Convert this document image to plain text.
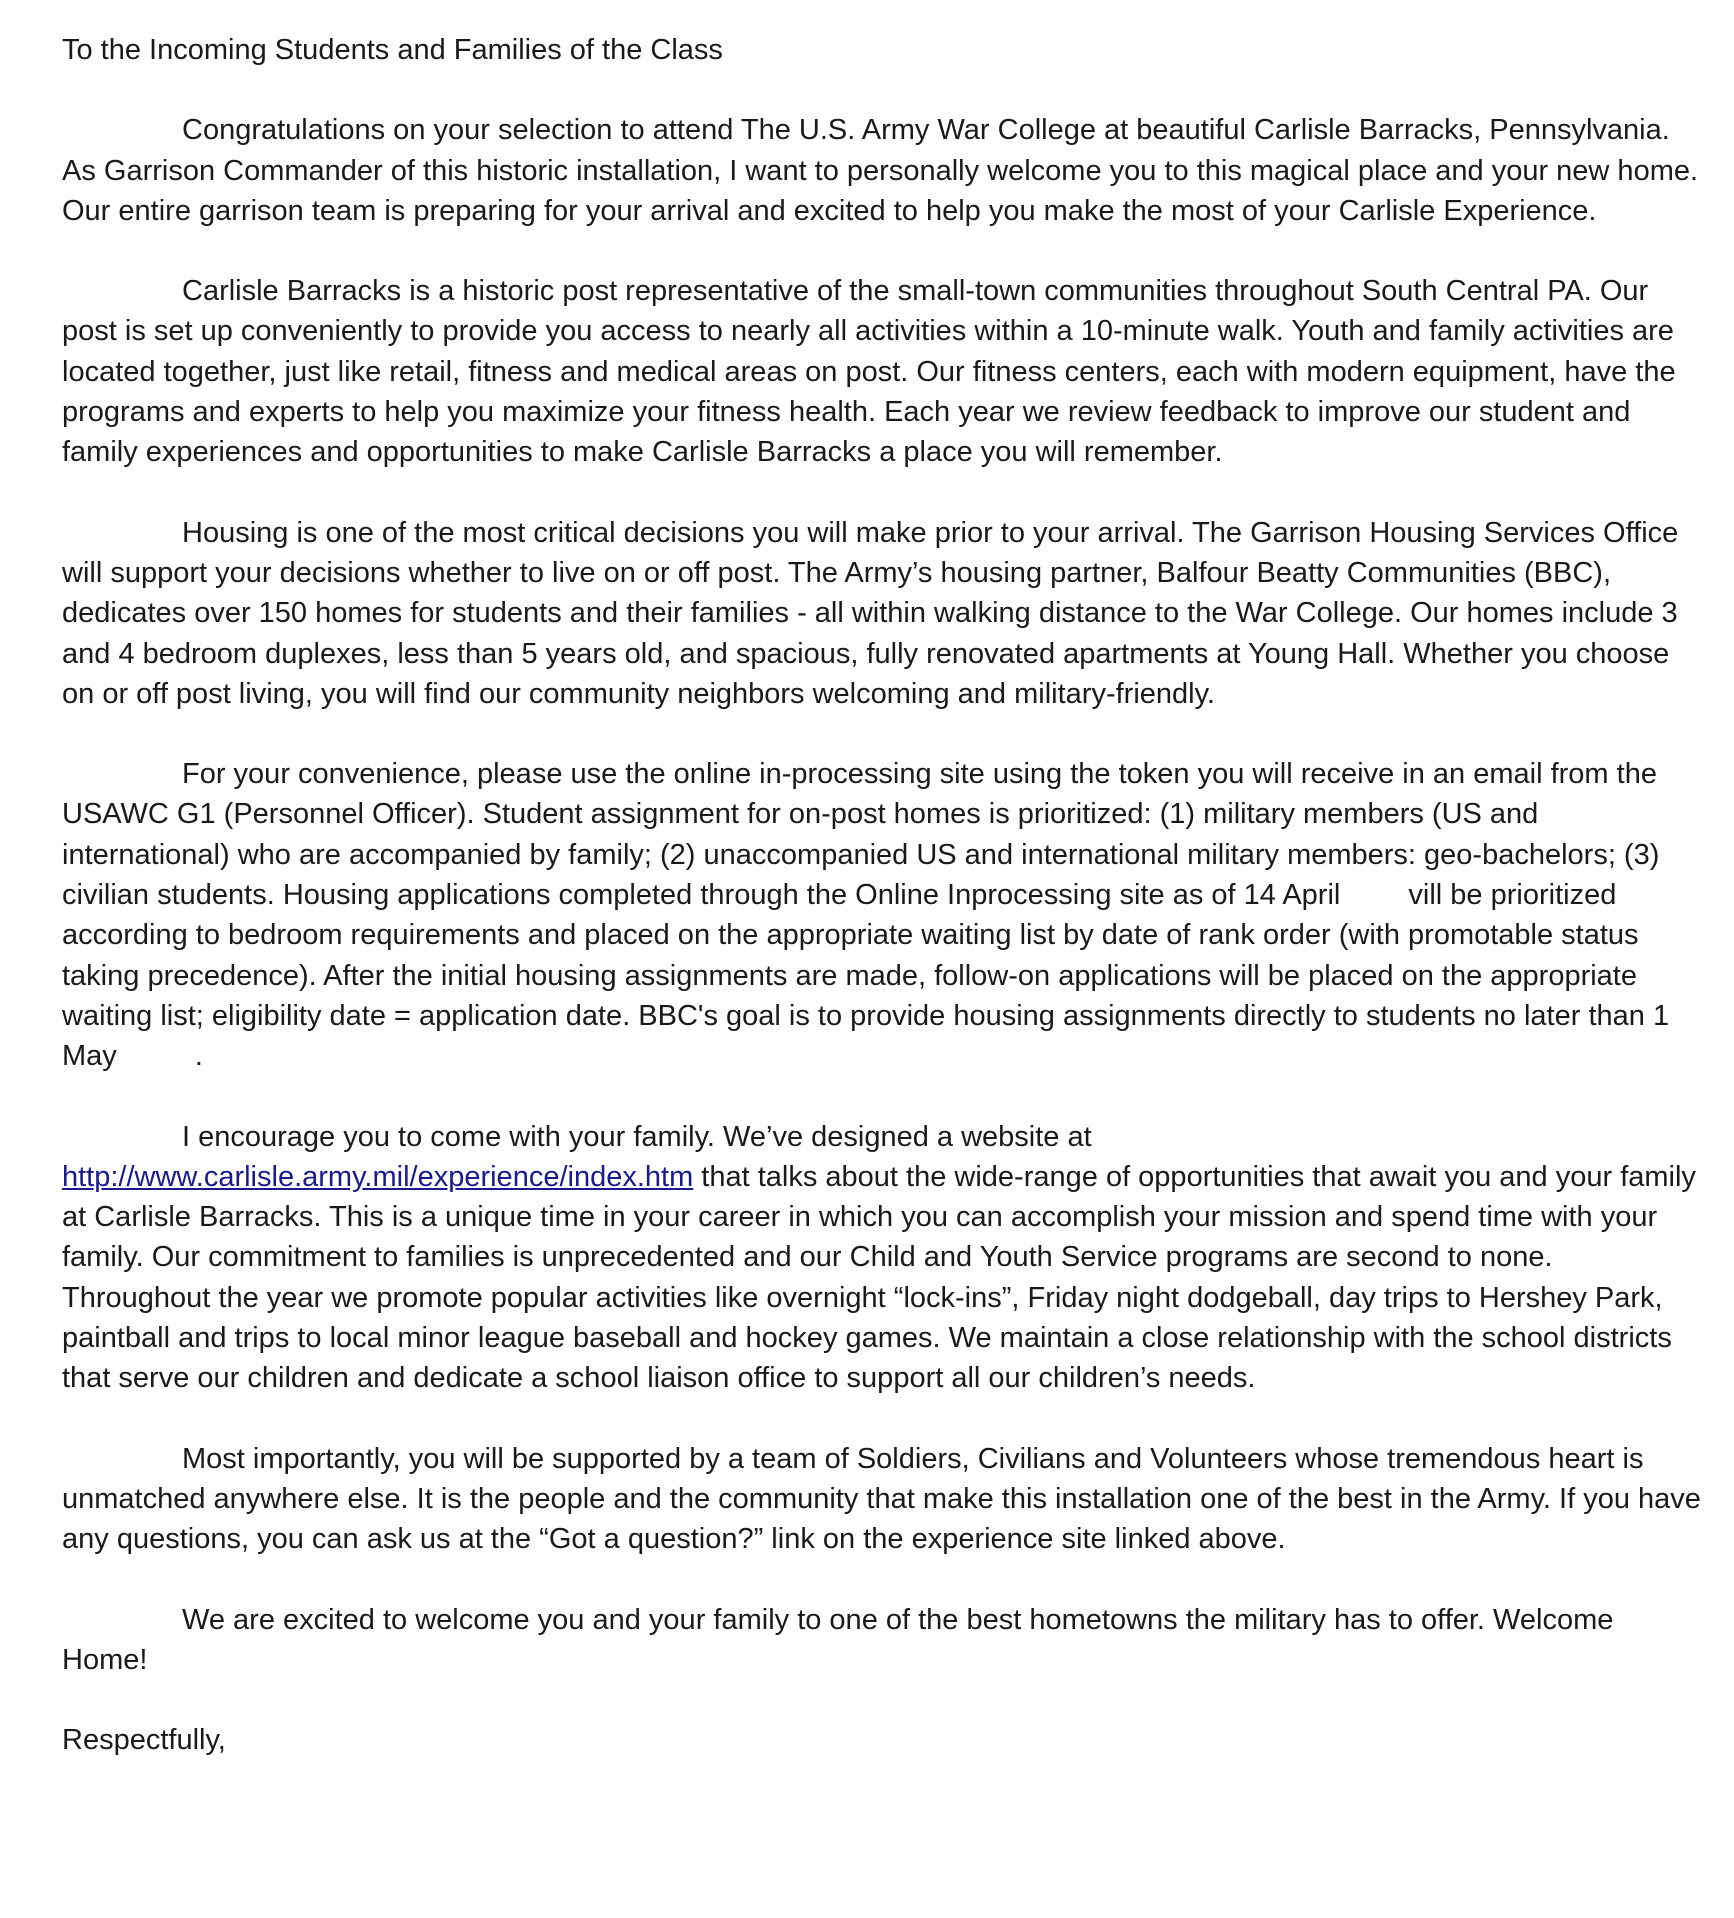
To the Incoming Students and Families of the Class

Congratulations on your selection to attend The U.S. Army War College at beautiful Carlisle Barracks, Pennsylvania. As Garrison Commander of this historic installation, I want to personally welcome you to this magical place and your new home. Our entire garrison team is preparing for your arrival and excited to help you make the most of your Carlisle Experience.

Carlisle Barracks is a historic post representative of the small-town communities throughout South Central PA. Our post is set up conveniently to provide you access to nearly all activities within a 10-minute walk. Youth and family activities are located together, just like retail, fitness and medical areas on post. Our fitness centers, each with modern equipment, have the programs and experts to help you maximize your fitness health. Each year we review feedback to improve our student and family experiences and opportunities to make Carlisle Barracks a place you will remember.

Housing is one of the most critical decisions you will make prior to your arrival. The Garrison Housing Services Office will support your decisions whether to live on or off post. The Army’s housing partner, Balfour Beatty Communities (BBC), dedicates over 150 homes for students and their families - all within walking distance to the War College. Our homes include 3 and 4 bedroom duplexes, less than 5 years old, and spacious, fully renovated apartments at Young Hall. Whether you choose on or off post living, you will find our community neighbors welcoming and military-friendly.

For your convenience, please use the online in-processing site using the token you will receive in an email from the USAWC G1 (Personnel Officer). Student assignment for on-post homes is prioritized: (1) military members (US and international) who are accompanied by family; (2) unaccompanied US and international military members: geo-bachelors; (3) civilian students. Housing applications completed through the Online Inprocessing site as of 14 April vill be prioritized according to bedroom requirements and placed on the appropriate waiting list by date of rank order (with promotable status taking precedence). After the initial housing assignments are made, follow-on applications will be placed on the appropriate waiting list; eligibility date = application date. BBC's goal is to provide housing assignments directly to students no later than 1 May	.

I encourage you to come with your family. We’ve designed a website at http://www.carlisle.army.mil/experience/index.htm that talks about the wide-range of opportunities that await you and your family at Carlisle Barracks. This is a unique time in your career in which you can accomplish your mission and spend time with your family. Our commitment to families is unprecedented and our Child and Youth Service programs are second to none. Throughout the year we promote popular activities like overnight “lock-ins”, Friday night dodgeball, day trips to Hershey Park, paintball and trips to local minor league baseball and hockey games. We maintain a close relationship with the school districts that serve our children and dedicate a school liaison office to support all our children’s needs.

Most importantly, you will be supported by a team of Soldiers, Civilians and Volunteers whose tremendous heart is unmatched anywhere else. It is the people and the community that make this installation one of the best in the Army. If you have any questions, you can ask us at the “Got a question?” link on the experience site linked above.

We are excited to welcome you and your family to one of the best hometowns the military has to offer. Welcome Home!

Respectfully,
